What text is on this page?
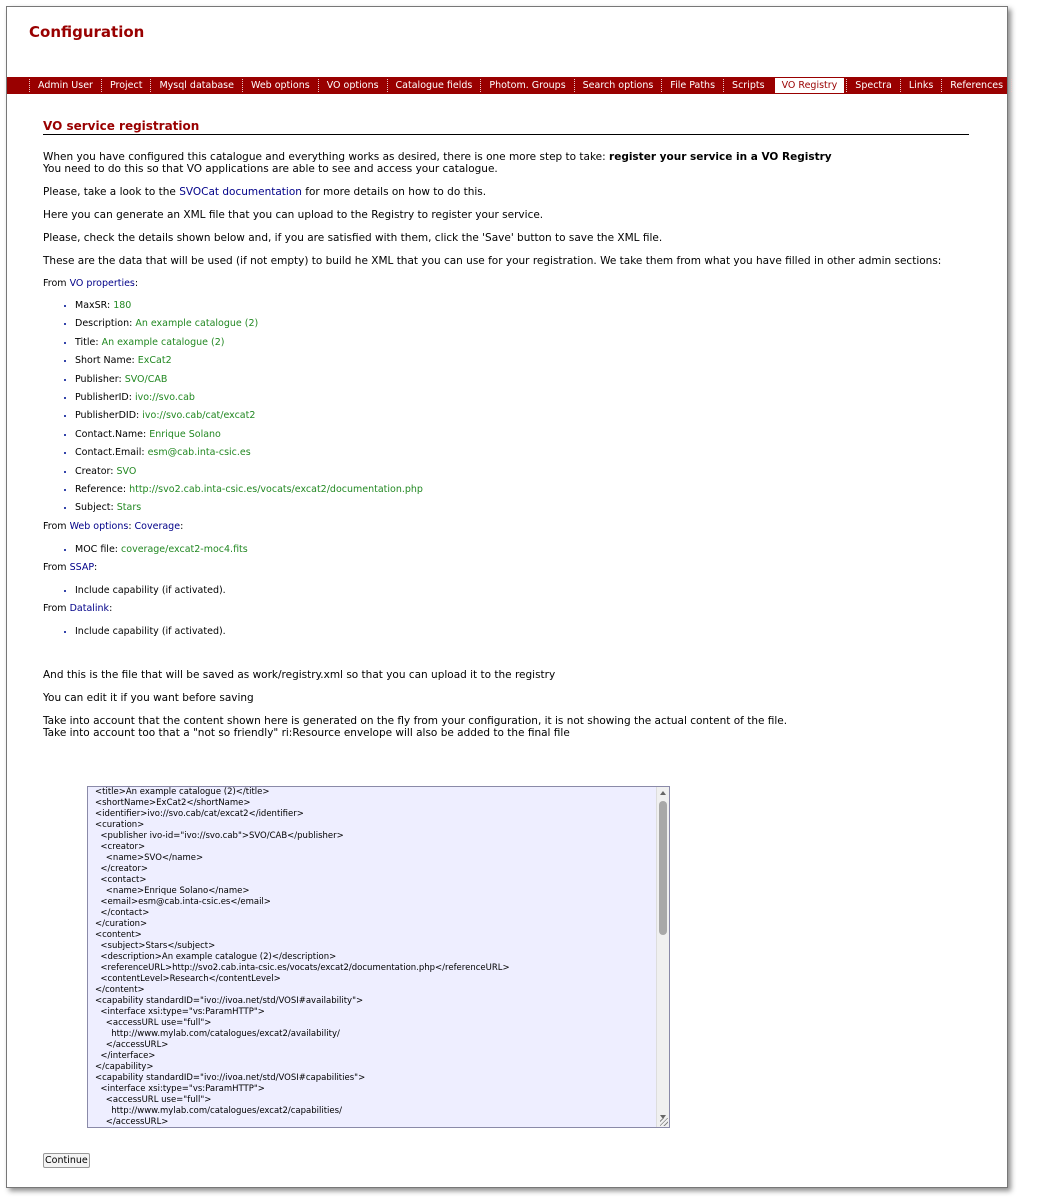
Configuration
Admin User	Project	Mysql database	Web options	VO options	Catalogue fields	Photom. Groups	Search options	File Paths	Scripts	VO Registry	Spectra	Links	References	Logout
VO service registration

When you have configured this catalogue and everything works as desired, there is one more step to take: register your service in a VO Registry

You need to do this so that VO applications are able to see and access your catalogue.

Please, take a look to the SVOCat documentation for more details on how to do this.

Here you can generate an XML file that you can upload to the Registry to register your service.

Please, check the details shown below and, if you are satisfied with them, click the 'Save' button to save the XML file.

These are the data that will be used (if not empty) to build he XML that you can use for your registration. We take them from what you have filled in other admin sections:

From VO properties:

MaxSR: 180
Description: An example catalogue (2)
Title: An example catalogue (2)
Short Name: ExCat2
Publisher: SVO/CAB
PublisherID: ivo://svo.cab
PublisherDID: ivo://svo.cab/cat/excat2
Contact.Name: Enrique Solano
Contact.Email: esm@cab.inta-csic.es
Creator: SVO
Reference: http://svo2.cab.inta-csic.es/vocats/excat2/documentation.php
Subject: Stars

From Web options: Coverage:

MOC file: coverage/excat2-moc4.fits

From SSAP:

Include capability (if activated).

From Datalink:

Include capability (if activated).

And this is the file that will be saved as work/registry.xml so that you can upload it to the registry

You can edit it if you want before saving

Take into account that the content shown here is generated on the fly from your configuration, it is not showing the actual content of the file.

Take into account too that a "not so friendly" ri:Resource envelope will also be added to the final file

<title>An example catalogue (2)</title>
<shortName>ExCat2</shortName>
<identifier>ivo://svo.cab/cat/excat2</identifier>
<curation>
<publisher ivo-id="ivo://svo.cab">SVO/CAB</publisher>
<creator>
<name>SVO</name>
</creator>
<contact>
<name>Enrique Solano</name>
<email>esm@cab.inta-csic.es</email>
</contact>
</curation>
<content>
<subject>Stars</subject>
<description>An example catalogue (2)</description>
<referenceURL>http://svo2.cab.inta-csic.es/vocats/excat2/documentation.php</referenceURL>
<contentLevel>Research</contentLevel>
</content>
<capability standardID="ivo://ivoa.net/std/VOSI#availability">
<interface xsi:type="vs:ParamHTTP">
<accessURL use="full">
http://www.mylab.com/catalogues/excat2/availability/
</accessURL>
</interface>
</capability>
<capability standardID="ivo://ivoa.net/std/VOSI#capabilities">
<interface xsi:type="vs:ParamHTTP">
<accessURL use="full">
http://www.mylab.com/catalogues/excat2/capabilities/
</accessURL>
Continue
